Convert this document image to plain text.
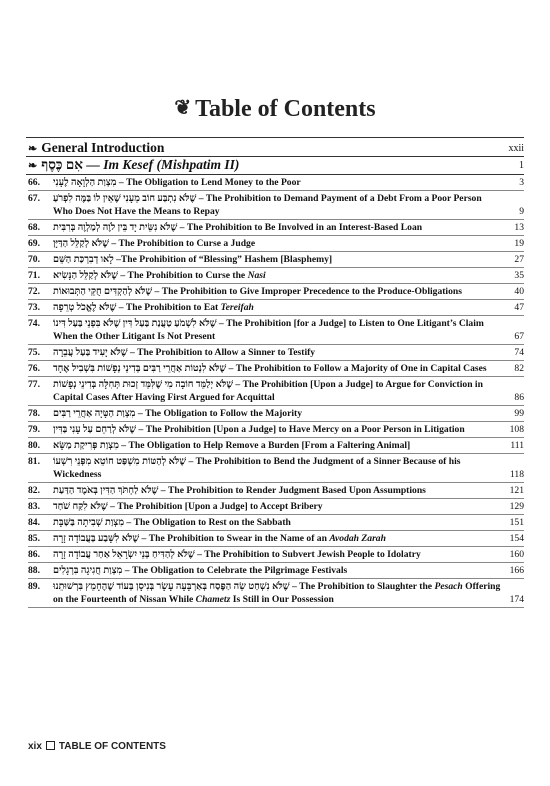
❦ Table of Contents
❧ General Introduction	xxii
❧ אִם כֶּסֶף — Im Kesef (Mishpatim II)	1
66.	מִצְוַת הַלְוָאָה לֶעָנִי – The Obligation to Lend Money to the Poor	3
67.	שֶׁלֹּא נִתְבַּע חוֹב מֵעָנִי שֶׁאֵין לוֹ בַּמֶּה לִפְרֹעַ – The Prohibition to Demand Payment of a Debt From a Poor Person Who Does Not Have the Means to Repay	9
68.	שֶׁלֹּא נִשֵּׂית יָד בֵּין לֹוֶה לְמַלְוֶה בְּרִבִּית – The Prohibition to Be Involved in an Interest-Based Loan	13
69.	שֶׁלֹּא לְקַלֵּל הַדַּיָּן – The Prohibition to Curse a Judge	19
70.	לָאו דְבִרְכַּת הַשֵּׁם –The Prohibition of “Blessing” Hashem [Blasphemy]	27
71.	שֶׁלֹּא לְקַלֵּל הַנָּשִׂיא – The Prohibition to Curse the Nasi	35
72.	שֶׁלֹּא לְהַקְדִּים חֻקֵּי הַתְּבוּאוֹת – The Prohibition to Give Improper Precedence to the Produce-Obligations	40
73.	שֶׁלֹּא לֶאֱכֹל טְרֵפָה – The Prohibition to Eat Tereifah	47
74.	שֶׁלֹּא לִשְׁמֹעַ טַעֲנַת בַּעַל דִּין שֶׁלֹּא בִּפְנֵי בַּעַל דִּינוֹ – The Prohibition [for a Judge] to Listen to One Litigant’s Claim When the Other Litigant Is Not Present	67
75.	שֶׁלֹּא יָעִיד בַּעַל עֲבֵרָה – The Prohibition to Allow a Sinner to Testify	74
76.	שֶׁלֹּא לִנְטוֹת אַחֲרֵי רַבִּים בְּדִינֵי נְפָשׁוֹת בִּשְׁבִיל אֶחָד – The Prohibition to Follow a Majority of One in Capital Cases	82
77.	שֶׁלֹּא יְלַמֵּד חוֹבָה מִי שֶׁלִּמֵּד זְכוּת תְּחִלָּה בְּדִינֵי נְפָשׁוֹת – The Prohibition [Upon a Judge] to Argue for Conviction in Capital Cases After Having First Argued for Acquittal	86
78.	מִצְוַת הַטָּיָה אַחֲרֵי רַבִּים – The Obligation to Follow the Majority	99
79.	שֶׁלֹּא לְרַחֵם עַל עָנִי בַּדִּין – The Prohibition [Upon a Judge] to Have Mercy on a Poor Person in Litigation	108
80.	מִצְוַת פְּרִיקַת מַשָּׂא – The Obligation to Help Remove a Burden [From a Faltering Animal]	111
81.	שֶׁלֹּא לְהַטּוֹת מִשְׁפַּט חוֹטֵא מִפְּנֵי רִשְׁעוֹ – The Prohibition to Bend the Judgment of a Sinner Because of his Wickedness	118
82.	שֶׁלֹּא לַחְתֹּךְ הַדִּין בְּאֹמֶד הַדַּעַת – The Prohibition to Render Judgment Based Upon Assumptions	121
83.	שֶׁלֹּא לִקַּח שֹׁחַד – The Prohibition [Upon a Judge] to Accept Bribery	129
84.	מִצְוַת שְׁבִיתָה בַּשַּׁבָּת – The Obligation to Rest on the Sabbath	151
85.	שֶׁלֹּא לִשָּׁבַע בַּעֲבוֹדָה זָרָה – The Prohibition to Swear in the Name of an Avodah Zarah	154
86.	שֶׁלֹּא לְהַדִּיחַ בְּנֵי יִשְׂרָאֵל אַחַר עֲבוֹדָה זָרָה – The Prohibition to Subvert Jewish People to Idolatry	160
88.	מִצְוַת חֲגִיגָה בִּרְגָלִים – The Obligation to Celebrate the Pilgrimage Festivals	166
89.	שֶׁלֹּא נִשְׁחַט שֵׂה הַפֶּסַח בְּאַרְבָּעָה עָשָׂר בְּנִיסָן בְּעוֹד שֶׁהֶחָמֵץ בִּרְשׁוּתֵנוּ – The Prohibition to Slaughter the Pesach Offering on the Fourteenth of Nissan While Chametz Is Still in Our Possession	174
xix TABLE OF CONTENTS
